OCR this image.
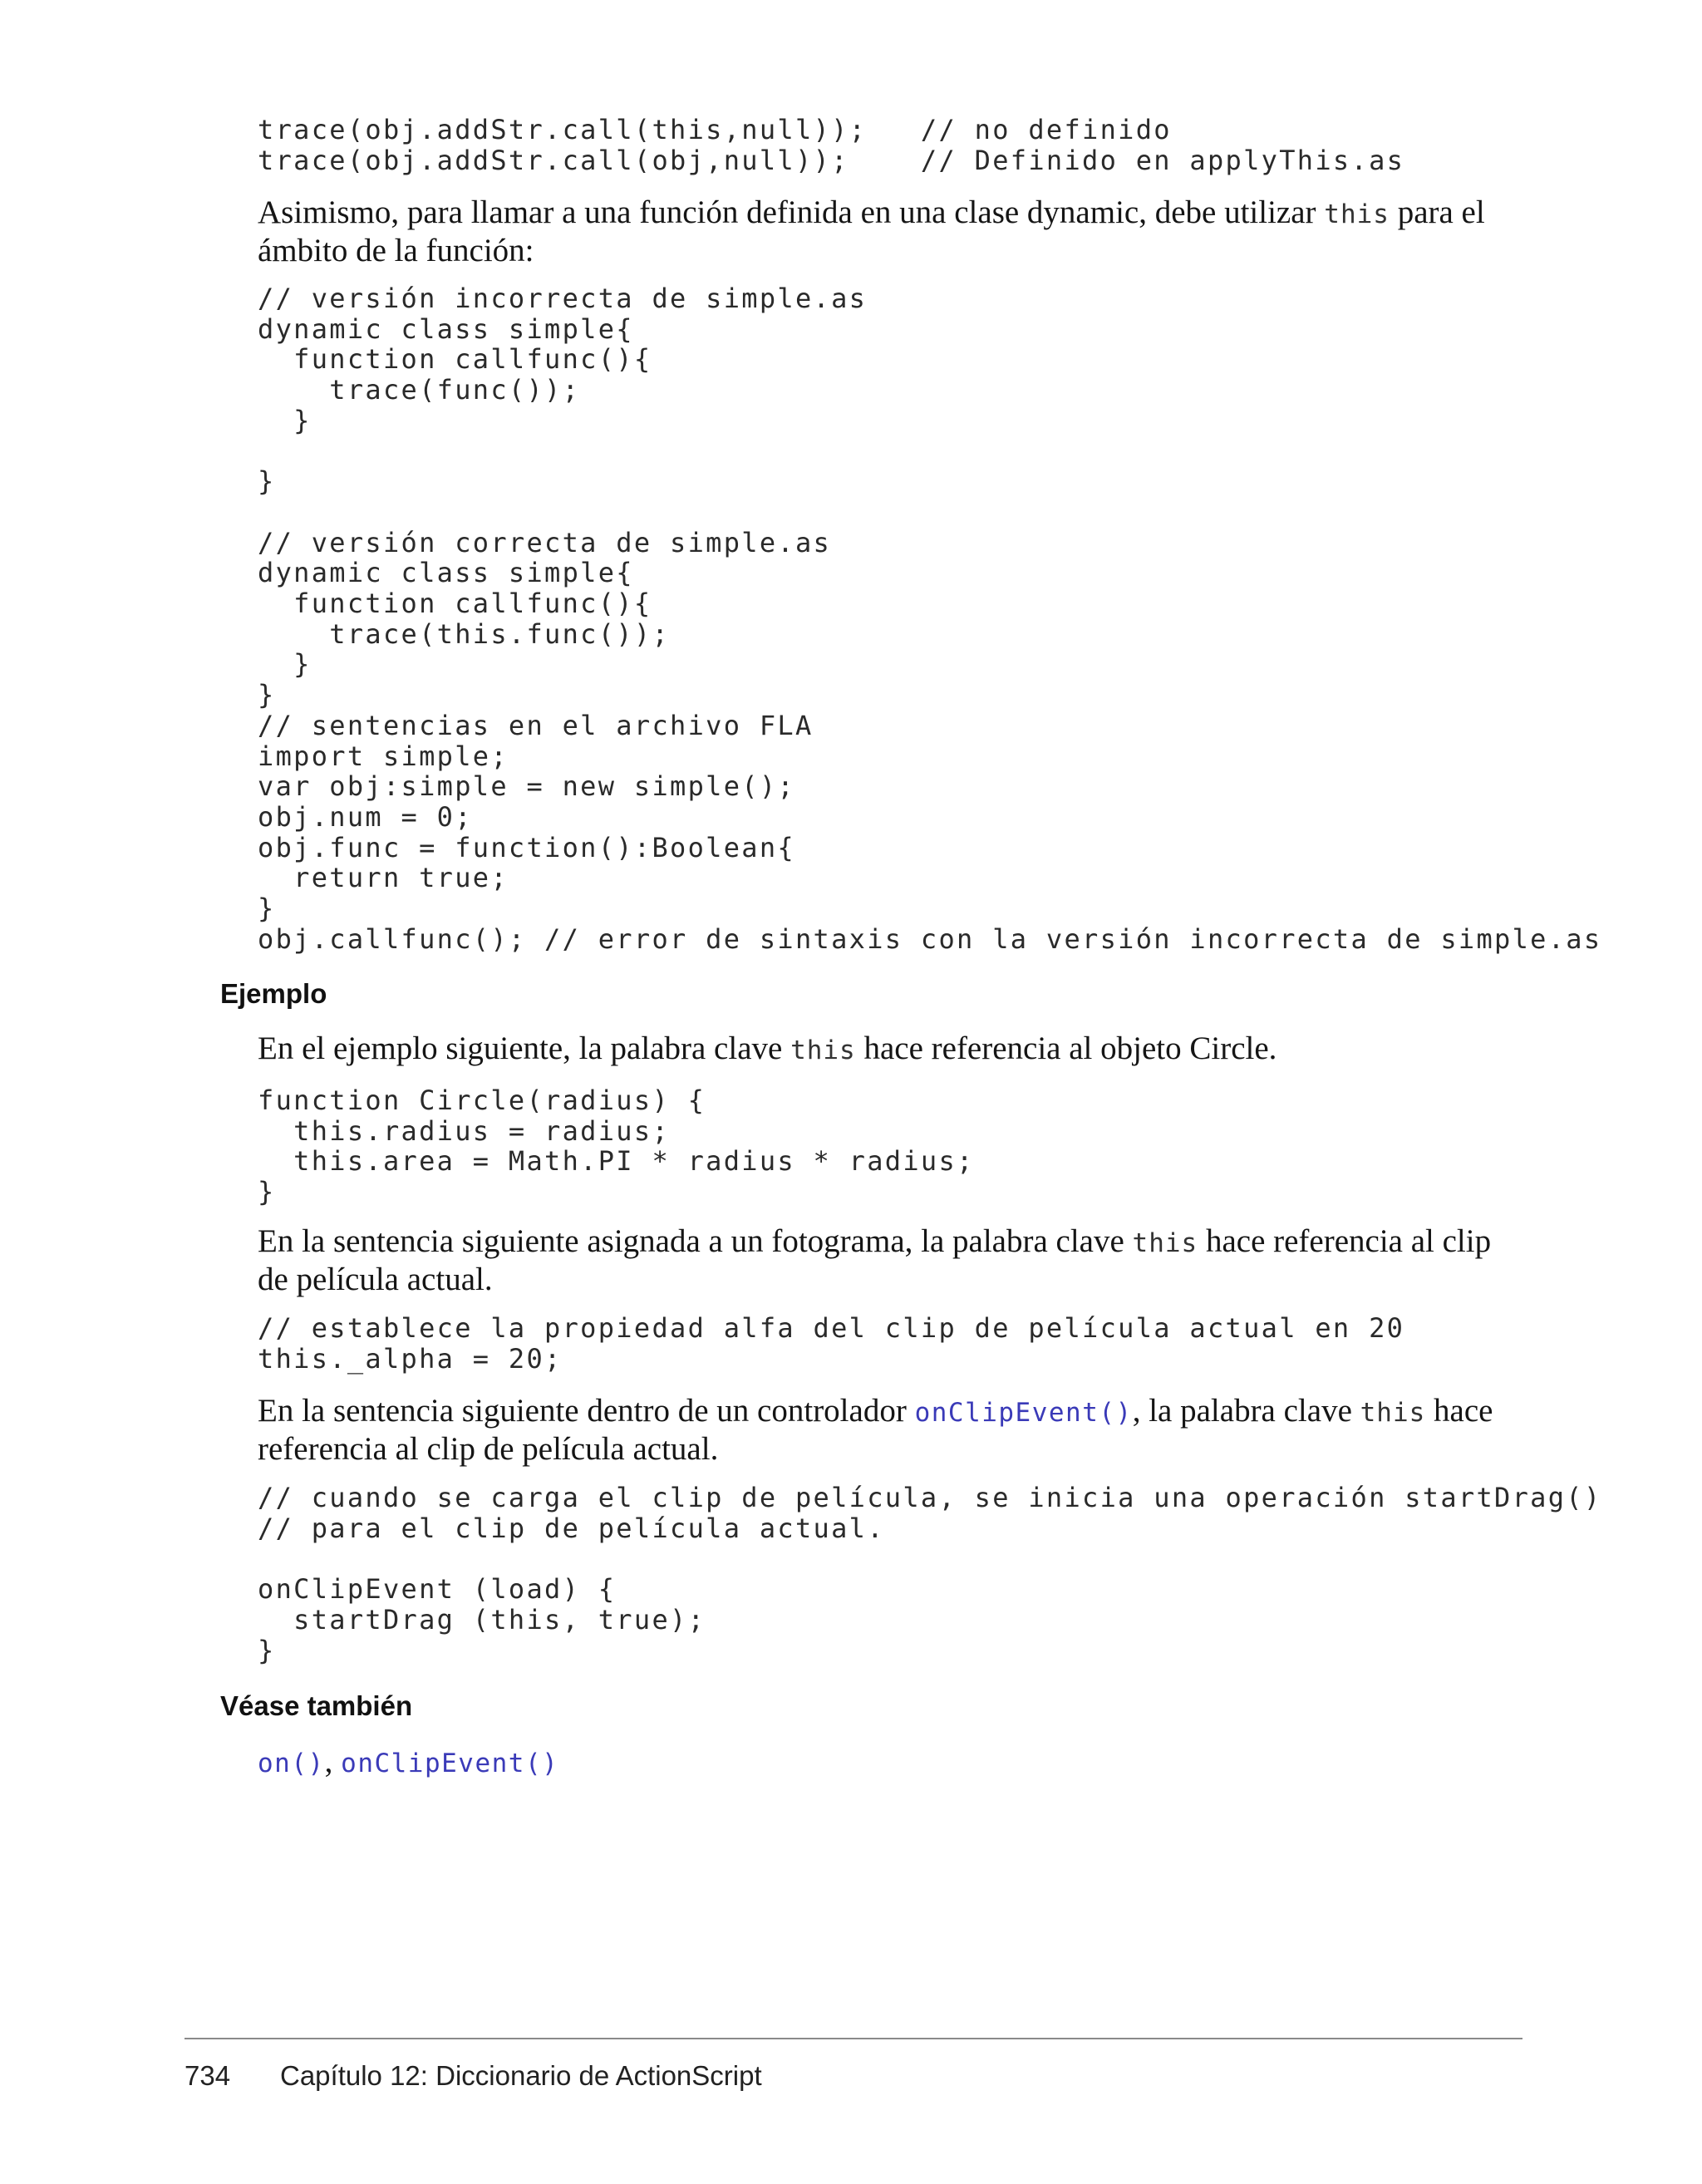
trace(obj.addStr.call(this,null));   // no definido
trace(obj.addStr.call(obj,null));    // Definido en applyThis.as

Asimismo, para llamar a una función definida en una clase dynamic, debe utilizar this para el ámbito de la función:

// versión incorrecta de simple.as
dynamic class simple{
function callfunc(){
trace(func());
}

}

// versión correcta de simple.as
dynamic class simple{
function callfunc(){
trace(this.func());
}
}
// sentencias en el archivo FLA
import simple;
var obj:simple = new simple();
obj.num = 0;
obj.func = function():Boolean{
return true;
}
obj.callfunc(); // error de sintaxis con la versión incorrecta de simple.as
Ejemplo

En el ejemplo siguiente, la palabra clave this hace referencia al objeto Circle.

function Circle(radius) {
this.radius = radius;
this.area = Math.PI * radius * radius;
}

En la sentencia siguiente asignada a un fotograma, la palabra clave this hace referencia al clip de película actual.

// establece la propiedad alfa del clip de película actual en 20
this._alpha = 20;

En la sentencia siguiente dentro de un controlador onClipEvent(), la palabra clave this hace referencia al clip de película actual.

// cuando se carga el clip de película, se inicia una operación startDrag()
// para el clip de película actual.

onClipEvent (load) {
startDrag (this, true);
}
Véase también

on(), onClipEvent()

734 Capítulo 12: Diccionario de ActionScript
